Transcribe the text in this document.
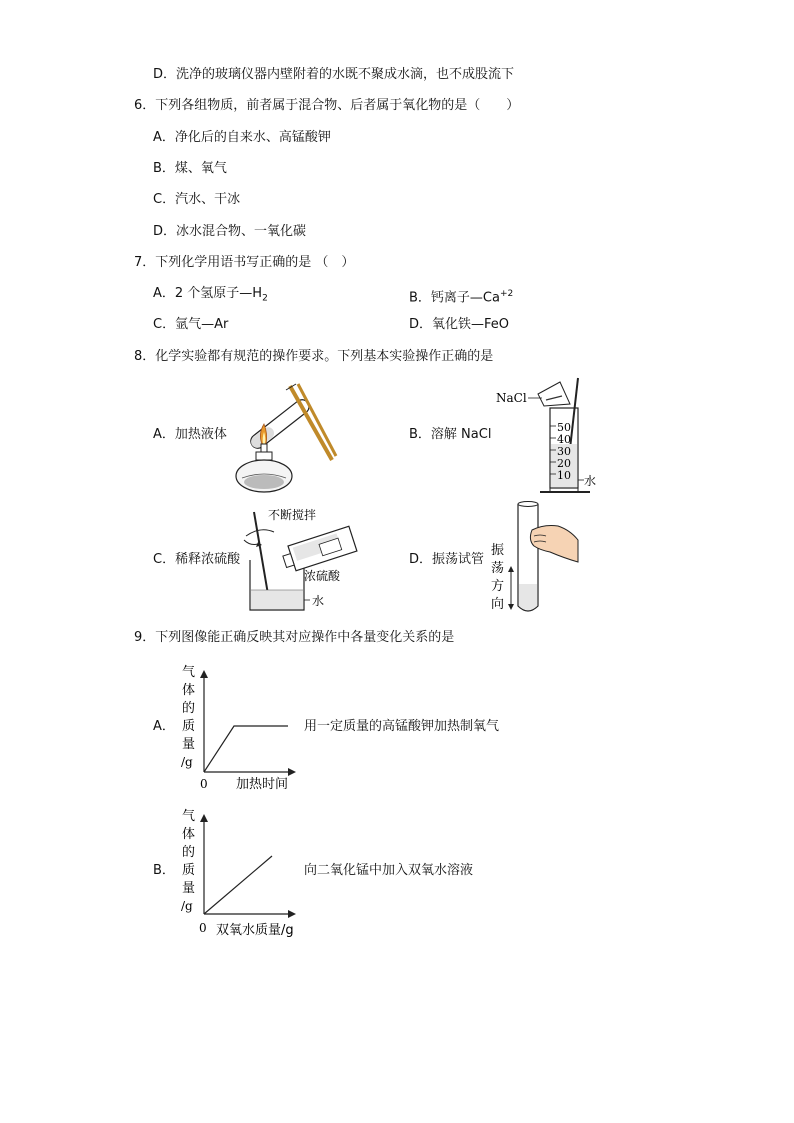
D．洗净的玻璃仪器内壁附着的水既不聚成水滴，也不成股流下
6．下列各组物质，前者属于混合物、后者属于氧化物的是（　　）
A．净化后的自来水、高锰酸钾
B．煤、氧气
C．汽水、干冰
D．冰水混合物、一氧化碳
7．下列化学用语书写正确的是 （　）
A．2 个氢原子$—H_2$	B．钙离子$—Ca^{+2}$
C．氩气—Ar	D．氧化铁—FeO
8．化学实验都有规范的操作要求。下列基本实验操作正确的是
A．加热液体	B．溶解 NaCl
C．稀释浓硫酸	D．振荡试管
NaCl
50
40
30
20
10 水
不断搅拌
浓硫酸
水
振
荡
方
向
9．下列图像能正确反映其对应操作中各量变化关系的是
A．
气
体
的
质
量
/g
0 加热时间
用一定质量的高锰酸钾加热制氧气
B．
气
体
的
质
量
/g
0 双氧水质量/g
向二氧化锰中加入双氧水溶液
